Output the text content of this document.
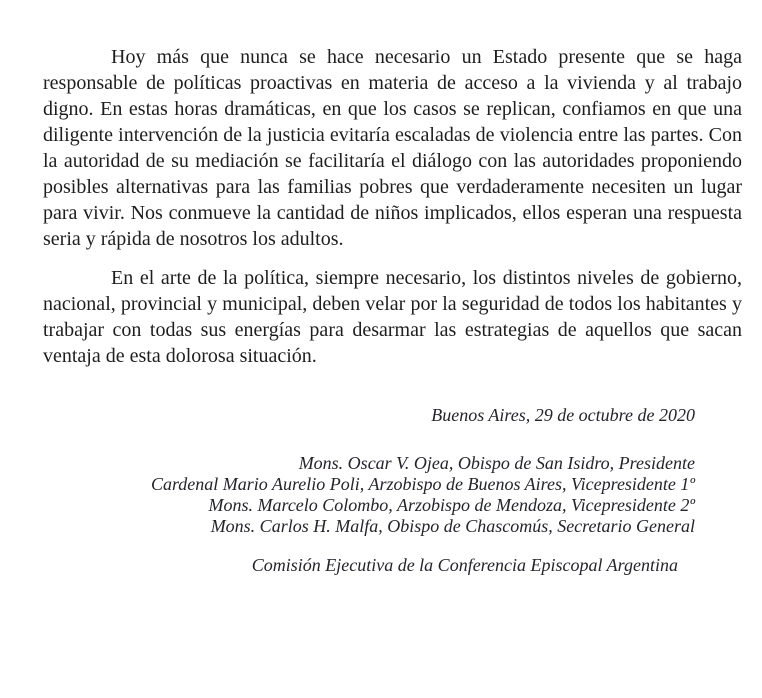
Hoy más que nunca se hace necesario un Estado presente que se haga responsable de políticas proactivas en materia de acceso a la vivienda y al trabajo digno. En estas horas dramáticas, en que los casos se replican, confiamos en que una diligente intervención de la justicia evitaría escaladas de violencia entre las partes. Con la autoridad de su mediación se facilitaría el diálogo con las autoridades proponiendo posibles alternativas para las familias pobres que verdaderamente necesiten un lugar para vivir. Nos conmueve la cantidad de niños implicados, ellos esperan una respuesta seria y rápida de nosotros los adultos.

En el arte de la política, siempre necesario, los distintos niveles de gobierno, nacional, provincial y municipal, deben velar por la seguridad de todos los habitantes y trabajar con todas sus energías para desarmar las estrategias de aquellos que sacan ventaja de esta dolorosa situación.

Buenos Aires, 29 de octubre de 2020
Mons. Oscar V. Ojea, Obispo de San Isidro, Presidente
Cardenal Mario Aurelio Poli, Arzobispo de Buenos Aires, Vicepresidente 1º
Mons. Marcelo Colombo, Arzobispo de Mendoza, Vicepresidente 2º
Mons. Carlos H. Malfa, Obispo de Chascomús, Secretario General
Comisión Ejecutiva de la Conferencia Episcopal Argentina
